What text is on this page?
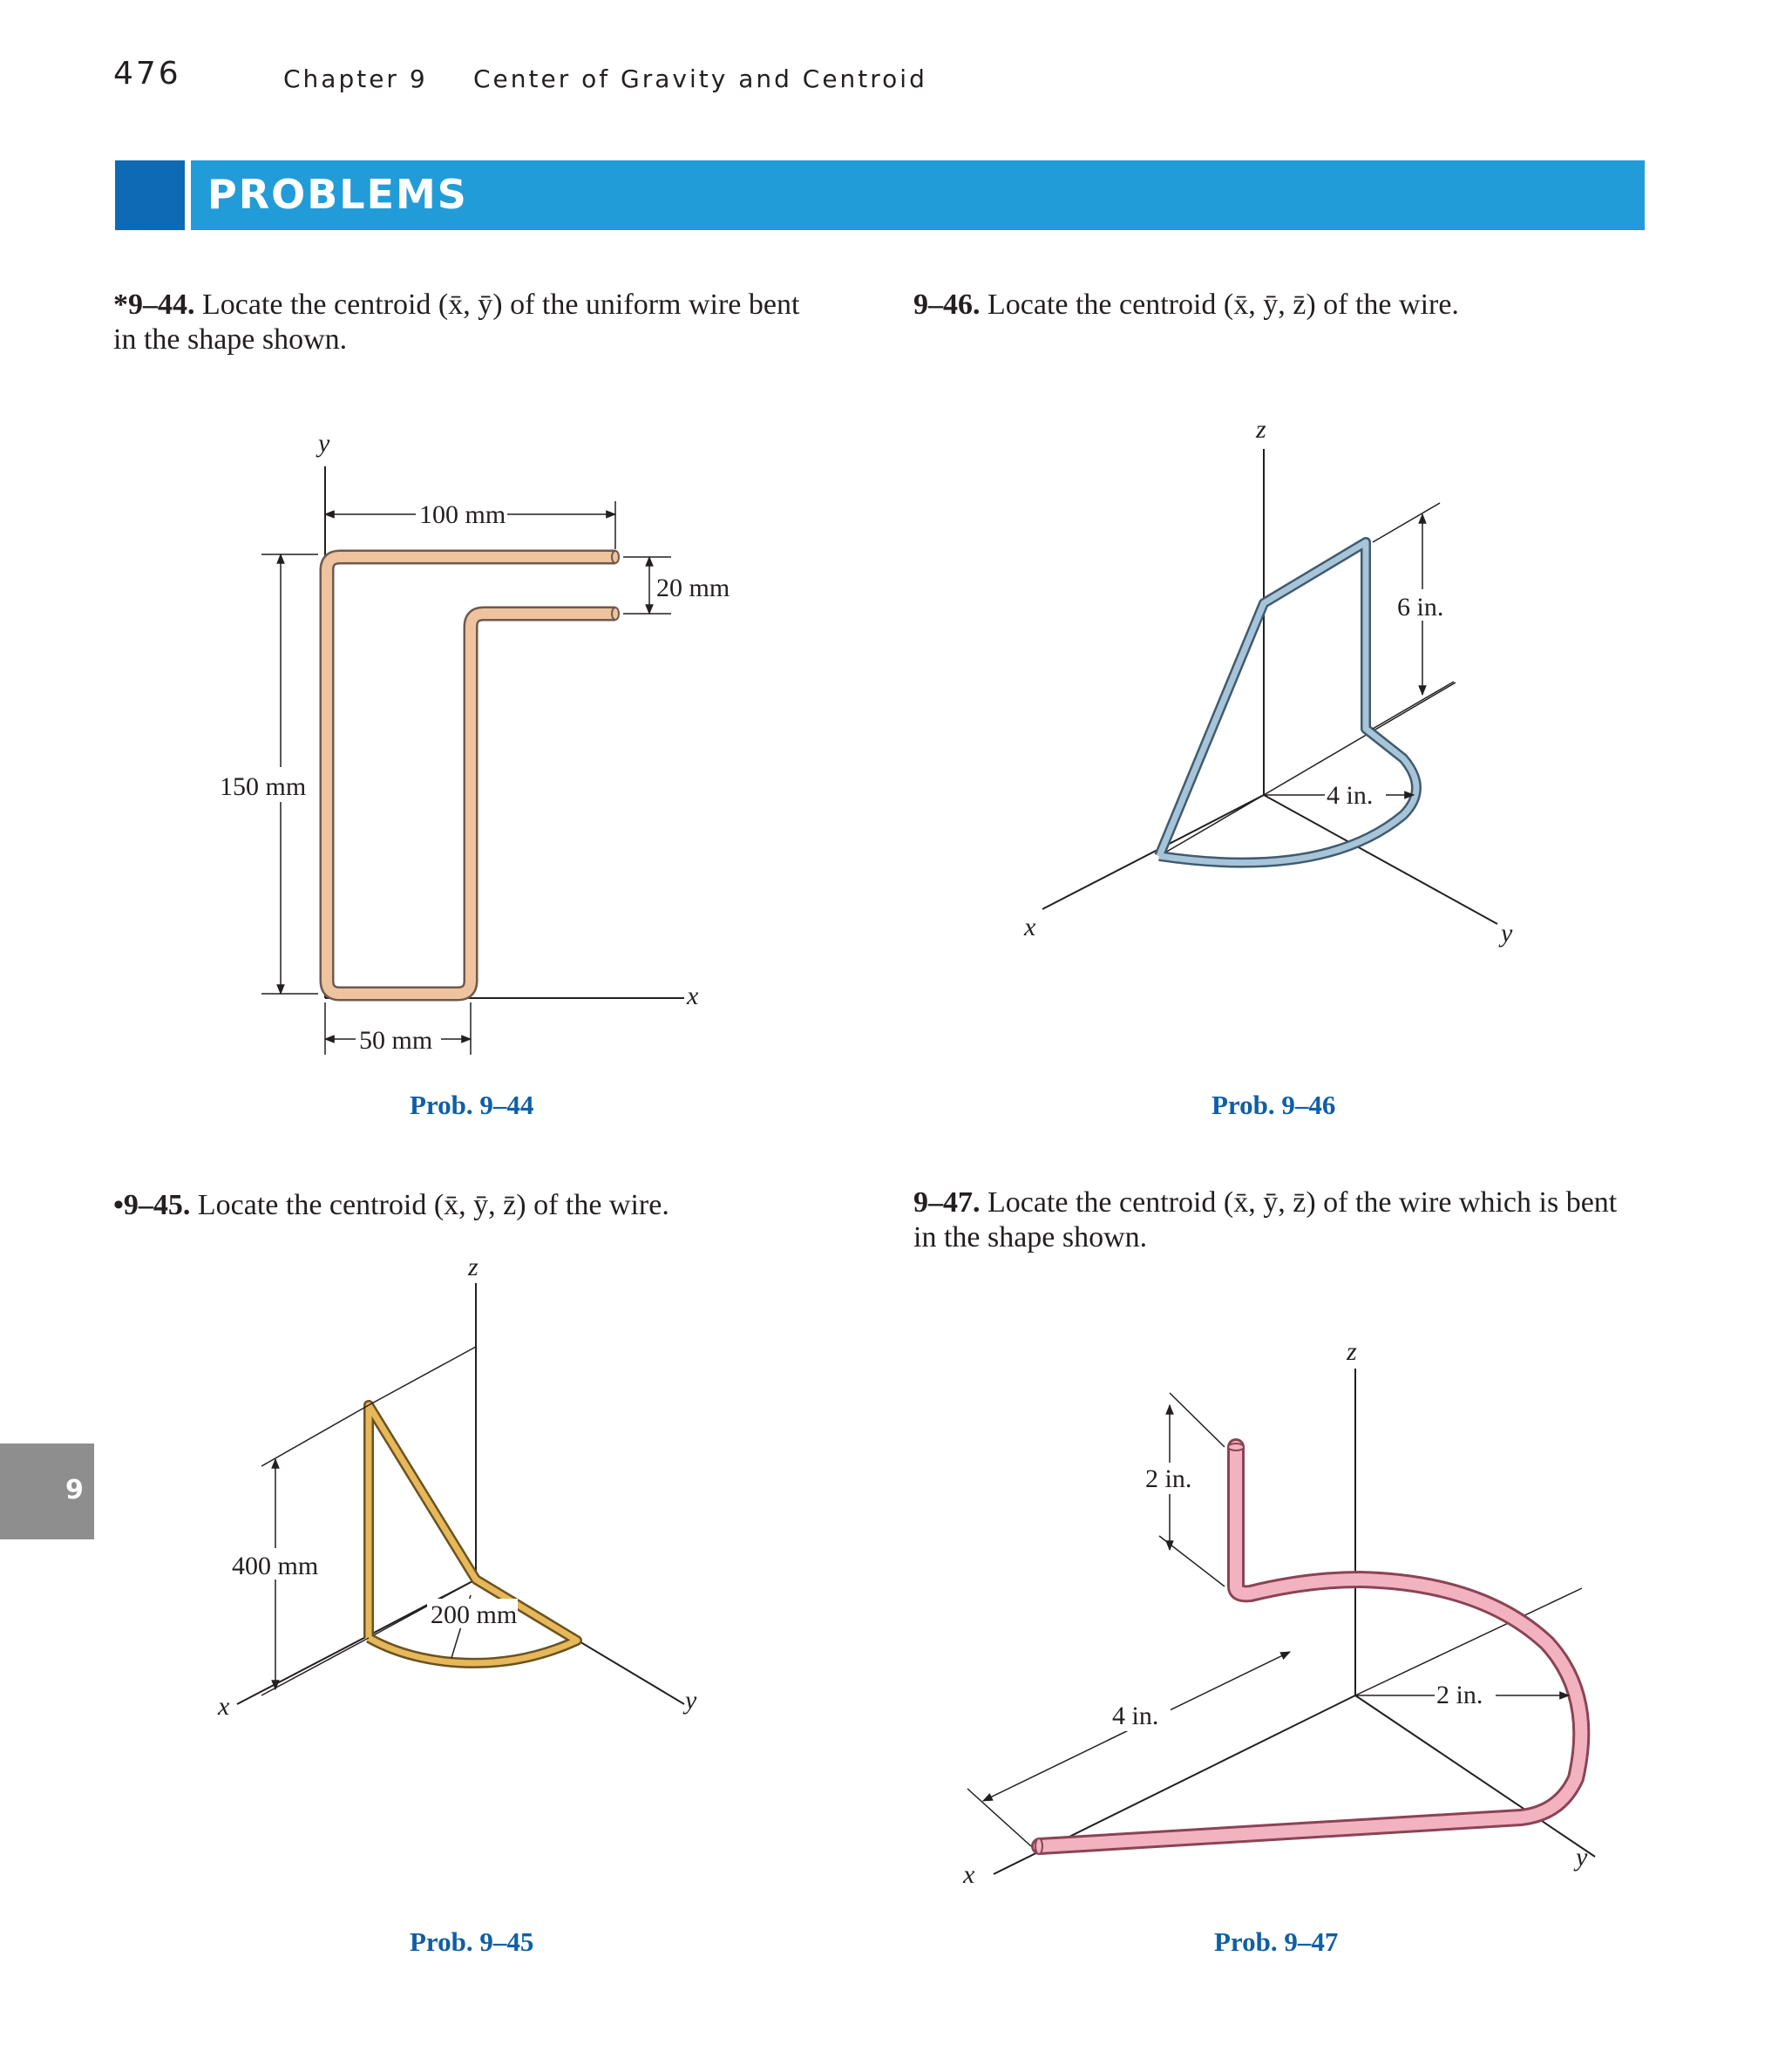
476	Chapter 9 Center of Gravity and Centroid
PROBLEMS
*9–44. Locate the centroid (x̄, ȳ) of the uniform wire bent
in the shape shown.
9–46. Locate the centroid (x̄, ȳ, z̄) of the wire.
•9–45. Locate the centroid (x̄, ȳ, z̄) of the wire.	9–47. Locate the centroid (x̄, ȳ, z̄) of the wire which is bent
in the shape shown.
Prob. 9–44	Prob. 9–46
Prob. 9–45	Prob. 9–47
9
y
x
100 mm
20 mm
150 mm
50 mm
z
x	y
6 in.
4 in.
z
x	y
400 mm
200 mm
z
x
y
2 in.
4 in.
2 in.
